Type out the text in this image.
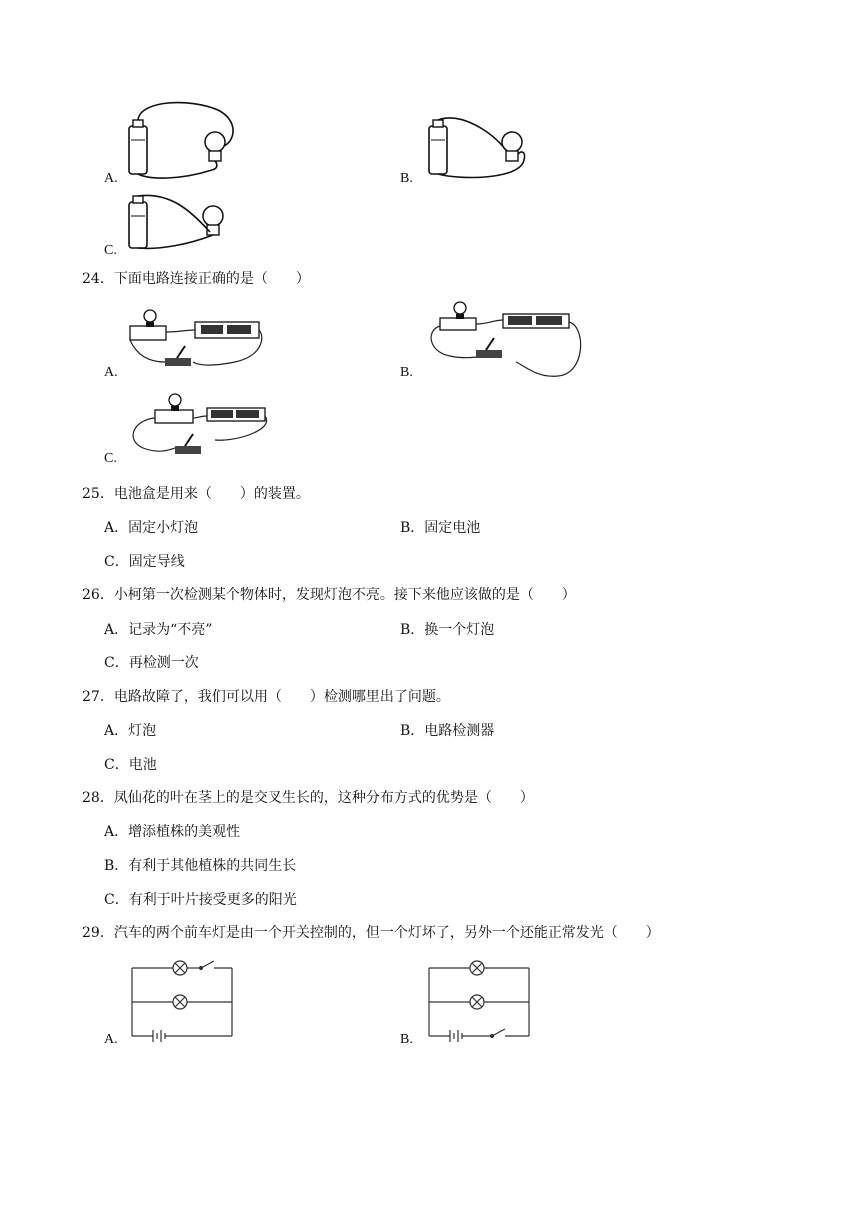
A.	B.
C.
24．下面电路连接正确的是（　　）
A.	B.
C.
25．电池盒是用来（　　）的装置。
A．固定小灯泡	B．固定电池
C．固定导线
26．小柯第一次检测某个物体时，发现灯泡不亮。接下来他应该做的是（　　）
A．记录为“不亮”	B．换一个灯泡
C．再检测一次
27．电路故障了，我们可以用（　　）检测哪里出了问题。
A．灯泡	B．电路检测器
C．电池
28．凤仙花的叶在茎上的是交叉生长的，这种分布方式的优势是（　　）
A．增添植株的美观性
B．有利于其他植株的共同生长
C．有利于叶片接受更多的阳光
29．汽车的两个前车灯是由一个开关控制的，但一个灯坏了，另外一个还能正常发光（　　）
A.	B.
